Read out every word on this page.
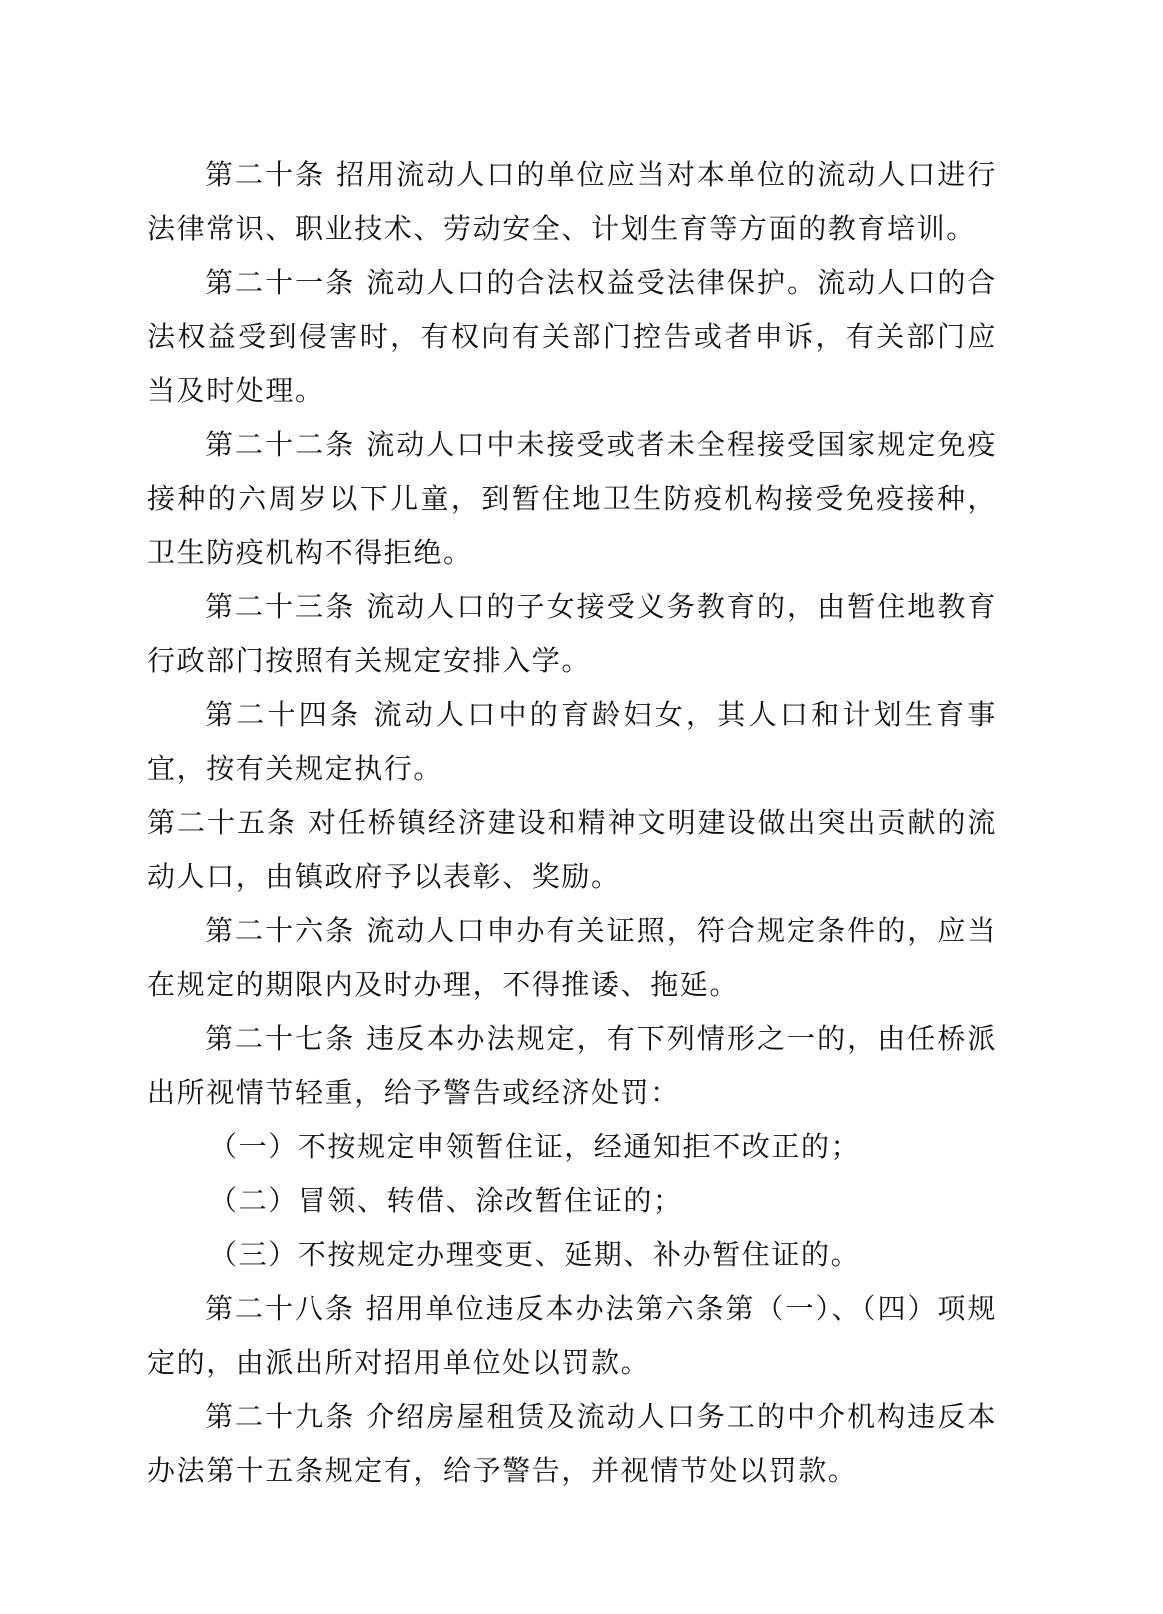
第二十条 招用流动人口的单位应当对本单位的流动人口进行法律常识、职业技术、劳动安全、计划生育等方面的教育培训。

第二十一条 流动人口的合法权益受法律保护。流动人口的合法权益受到侵害时，有权向有关部门控告或者申诉，有关部门应当及时处理。

第二十二条 流动人口中未接受或者未全程接受国家规定免疫接种的六周岁以下儿童，到暂住地卫生防疫机构接受免疫接种，卫生防疫机构不得拒绝。

第二十三条 流动人口的子女接受义务教育的，由暂住地教育行政部门按照有关规定安排入学。

第二十四条 流动人口中的育龄妇女，其人口和计划生育事宜，按有关规定执行。

第二十五条 对任桥镇经济建设和精神文明建设做出突出贡献的流动人口，由镇政府予以表彰、奖励。

第二十六条 流动人口申办有关证照，符合规定条件的，应当在规定的期限内及时办理，不得推诿、拖延。

第二十七条 违反本办法规定，有下列情形之一的，由任桥派出所视情节轻重，给予警告或经济处罚：

（一）不按规定申领暂住证，经通知拒不改正的；

（二）冒领、转借、涂改暂住证的；

（三）不按规定办理变更、延期、补办暂住证的。

第二十八条 招用单位违反本办法第六条第（一）、（四）项规定的，由派出所对招用单位处以罚款。

第二十九条 介绍房屋租赁及流动人口务工的中介机构违反本办法第十五条规定有，给予警告，并视情节处以罚款。
